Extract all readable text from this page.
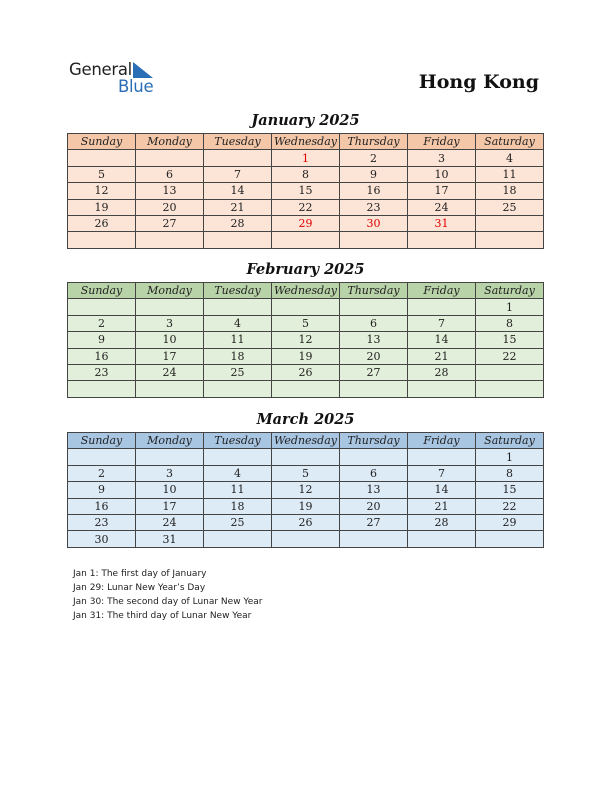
General
Blue	Hong Kong
January 2025
Sunday	Monday	Tuesday	Wednesday	Thursday	Friday	Saturday
			1	2	3	4
5	6	7	8	9	10	11
12	13	14	15	16	17	18
19	20	21	22	23	24	25
26	27	28	29	30	31	

February 2025
Sunday	Monday	Tuesday	Wednesday	Thursday	Friday	Saturday
						1
2	3	4	5	6	7	8
9	10	11	12	13	14	15
16	17	18	19	20	21	22
23	24	25	26	27	28	

March 2025
Sunday	Monday	Tuesday	Wednesday	Thursday	Friday	Saturday
						1
2	3	4	5	6	7	8
9	10	11	12	13	14	15
16	17	18	19	20	21	22
23	24	25	26	27	28	29
30	31					
Jan 1: The first day of January
Jan 29: Lunar New Year’s Day
Jan 30: The second day of Lunar New Year
Jan 31: The third day of Lunar New Year
